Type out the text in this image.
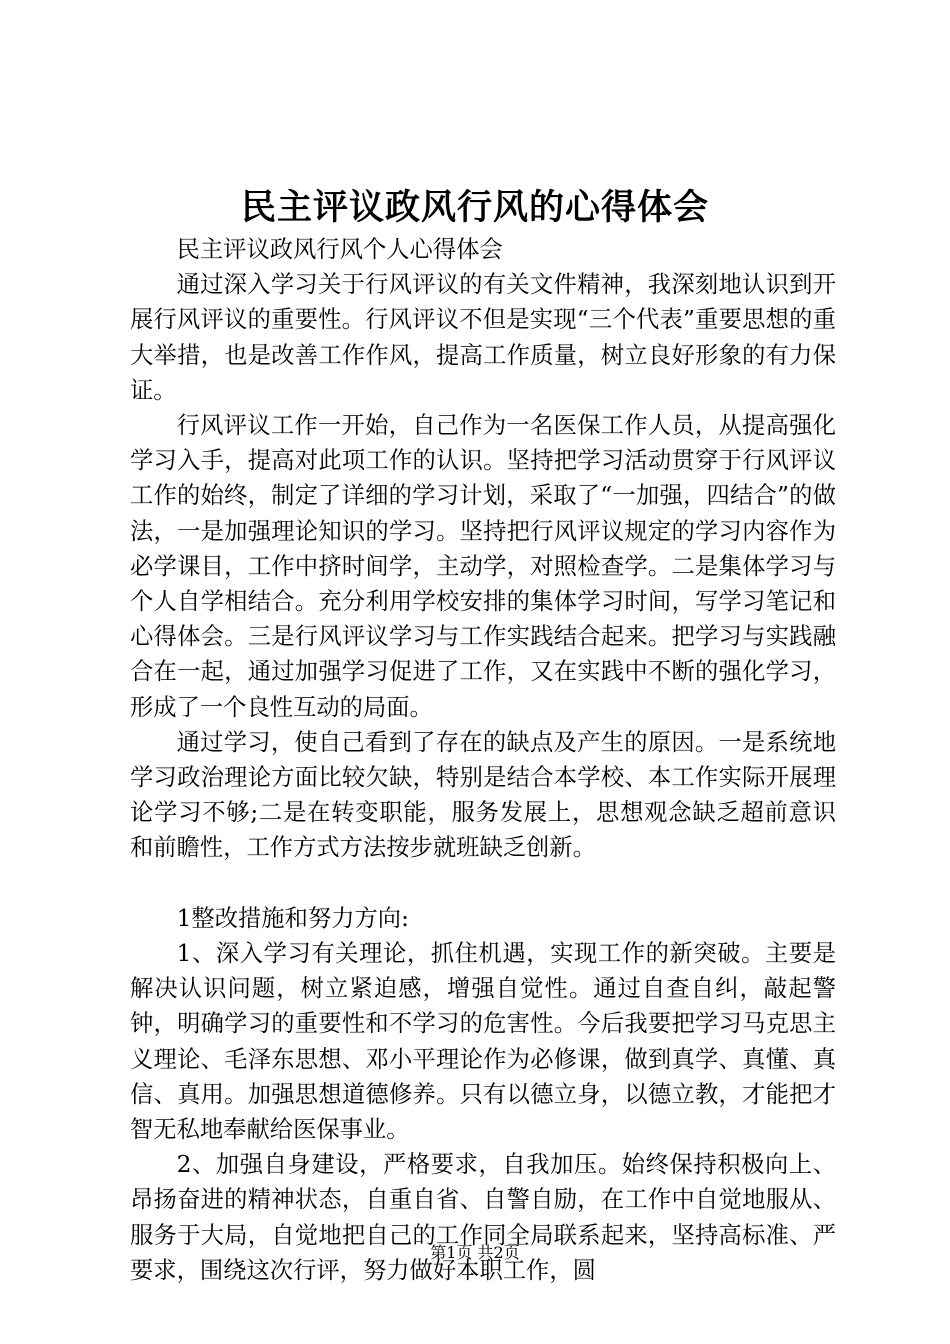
民主评议政风行风的心得体会

民主评议政风行风个人心得体会

通过深入学习关于行风评议的有关文件精神，我深刻地认识到开展行风评议的重要性。行风评议不但是实现“三个代表”重要思想的重大举措，也是改善工作作风，提高工作质量，树立良好形象的有力保证。

行风评议工作一开始，自己作为一名医保工作人员，从提高强化学习入手，提高对此项工作的认识。坚持把学习活动贯穿于行风评议工作的始终，制定了详细的学习计划，采取了“一加强，四结合”的做法，一是加强理论知识的学习。坚持把行风评议规定的学习内容作为必学课目，工作中挤时间学，主动学，对照检查学。二是集体学习与个人自学相结合。充分利用学校安排的集体学习时间，写学习笔记和心得体会。三是行风评议学习与工作实践结合起来。把学习与实践融合在一起，通过加强学习促进了工作，又在实践中不断的强化学习，形成了一个良性互动的局面。

通过学习，使自己看到了存在的缺点及产生的原因。一是系统地学习政治理论方面比较欠缺，特别是结合本学校、本工作实际开展理论学习不够;二是在转变职能，服务发展上，思想观念缺乏超前意识和前瞻性，工作方式方法按步就班缺乏创新。

1整改措施和努力方向:

1、深入学习有关理论，抓住机遇，实现工作的新突破。主要是解决认识问题，树立紧迫感，增强自觉性。通过自查自纠，敲起警钟，明确学习的重要性和不学习的危害性。今后我要把学习马克思主义理论、毛泽东思想、邓小平理论作为必修课，做到真学、真懂、真信、真用。加强思想道德修养。只有以德立身，以德立教，才能把才智无私地奉献给医保事业。

2、加强自身建设，严格要求，自我加压。始终保持积极向上、昂扬奋进的精神状态，自重自省、自警自励，在工作中自觉地服从、服务于大局，自觉地把自己的工作同全局联系起来，坚持高标准、严要求，围绕这次行评，努力做好本职工作，圆

第1页 共2页
